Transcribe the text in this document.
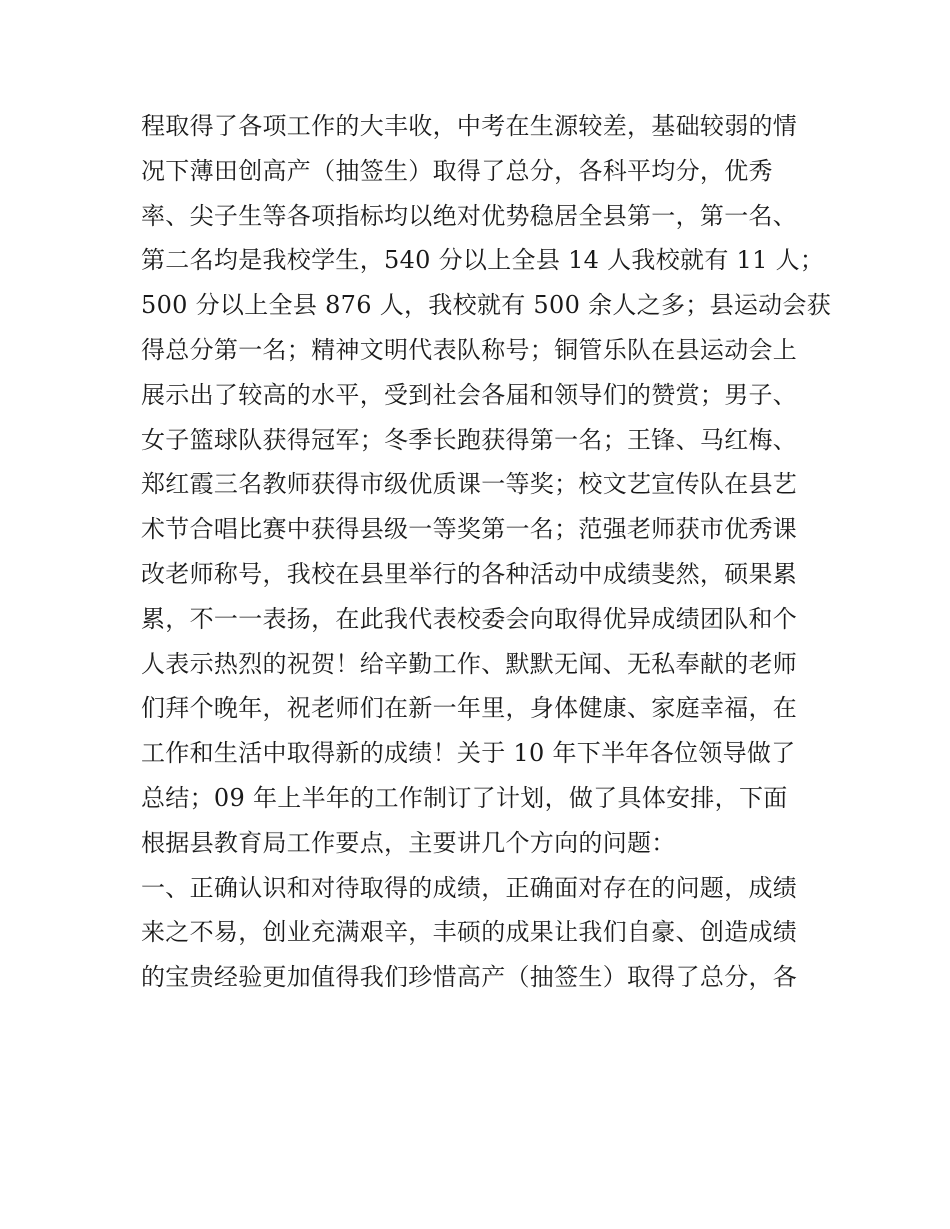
程取得了各项工作的大丰收，中考在生源较差，基础较弱的情
况下薄田创高产（抽签生）取得了总分，各科平均分，优秀
率、尖子生等各项指标均以绝对优势稳居全县第一，第一名、
第二名均是我校学生，540 分以上全县 14 人我校就有 11 人；
500 分以上全县 876 人，我校就有 500 余人之多；县运动会获
得总分第一名；精神文明代表队称号；铜管乐队在县运动会上
展示出了较高的水平，受到社会各届和领导们的赞赏；男子、
女子篮球队获得冠军；冬季长跑获得第一名；王锋、马红梅、
郑红霞三名教师获得市级优质课一等奖；校文艺宣传队在县艺
术节合唱比赛中获得县级一等奖第一名；范强老师获市优秀课
改老师称号，我校在县里举行的各种活动中成绩斐然，硕果累
累，不一一表扬，在此我代表校委会向取得优异成绩团队和个
人表示热烈的祝贺！给辛勤工作、默默无闻、无私奉献的老师
们拜个晚年，祝老师们在新一年里，身体健康、家庭幸福，在
工作和生活中取得新的成绩！关于 10 年下半年各位领导做了
总结；09 年上半年的工作制订了计划，做了具体安排，下面
根据县教育局工作要点，主要讲几个方向的问题：
一、正确认识和对待取得的成绩，正确面对存在的问题，成绩
来之不易，创业充满艰辛，丰硕的成果让我们自豪、创造成绩
的宝贵经验更加值得我们珍惜高产（抽签生）取得了总分，各
